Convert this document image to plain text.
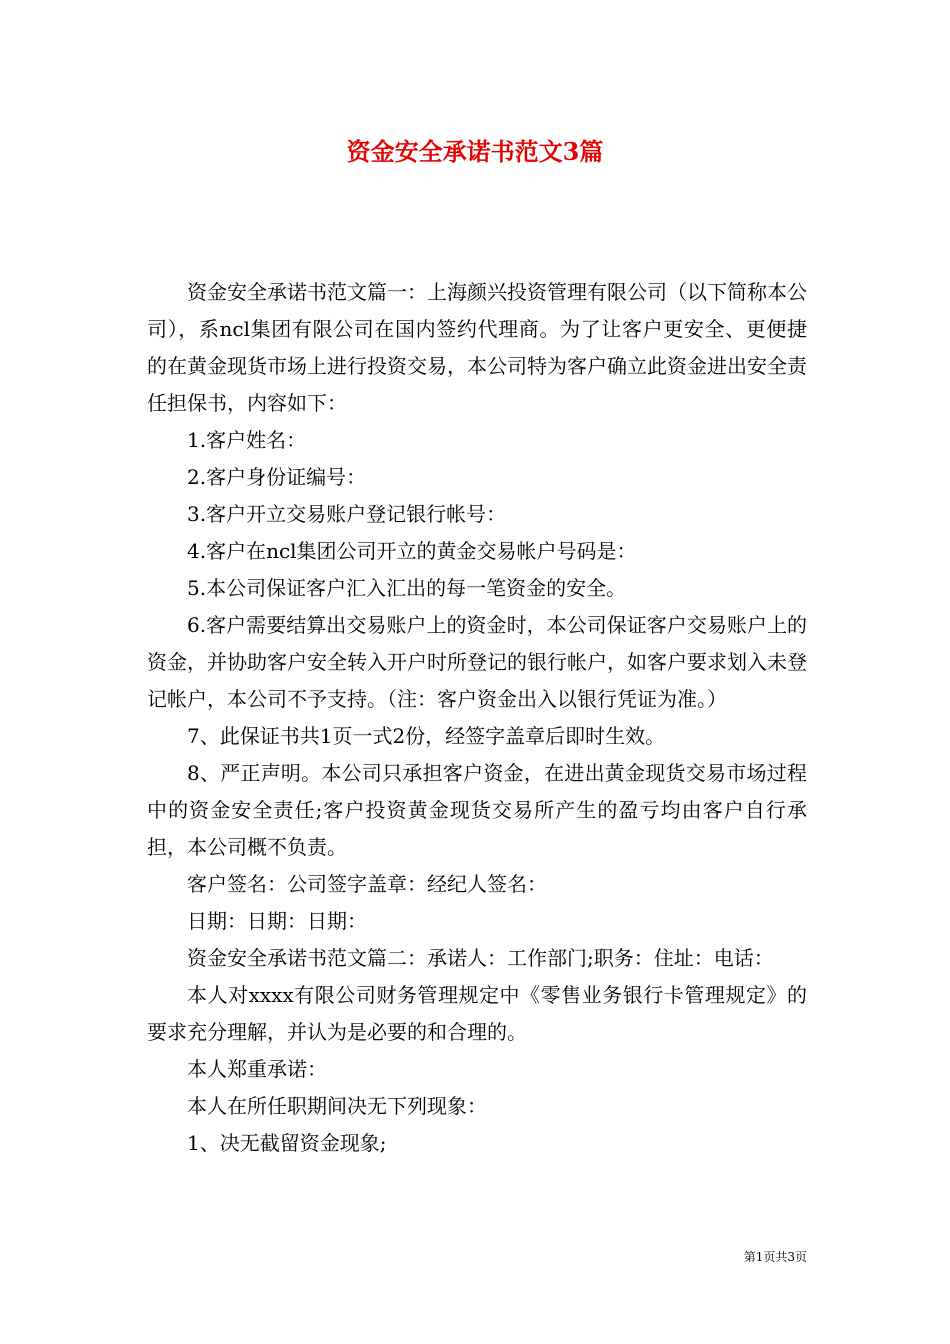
资金安全承诺书范文3篇

资金安全承诺书范文篇一：上海颜兴投资管理有限公司（以下简称本公司），系ncl集团有限公司在国内签约代理商。为了让客户更安全、更便捷的在黄金现货市场上进行投资交易，本公司特为客户确立此资金进出安全责任担保书，内容如下：

1.客户姓名：

2.客户身份证编号：

3.客户开立交易账户登记银行帐号：

4.客户在ncl集团公司开立的黄金交易帐户号码是：

5.本公司保证客户汇入汇出的每一笔资金的安全。

6.客户需要结算出交易账户上的资金时，本公司保证客户交易账户上的资金，并协助客户安全转入开户时所登记的银行帐户，如客户要求划入未登记帐户，本公司不予支持。（注：客户资金出入以银行凭证为准。）

7、此保证书共1页一式2份，经签字盖章后即时生效。

8、严正声明。本公司只承担客户资金，在进出黄金现货交易市场过程中的资金安全责任;客户投资黄金现货交易所产生的盈亏均由客户自行承担，本公司概不负责。

客户签名：公司签字盖章：经纪人签名：

日期：日期：日期：

资金安全承诺书范文篇二：承诺人：工作部门;职务：住址：电话：

本人对xxxx有限公司财务管理规定中《零售业务银行卡管理规定》的要求充分理解，并认为是必要的和合理的。

本人郑重承诺：

本人在所任职期间决无下列现象：

1、决无截留资金现象;

第1页共3页
